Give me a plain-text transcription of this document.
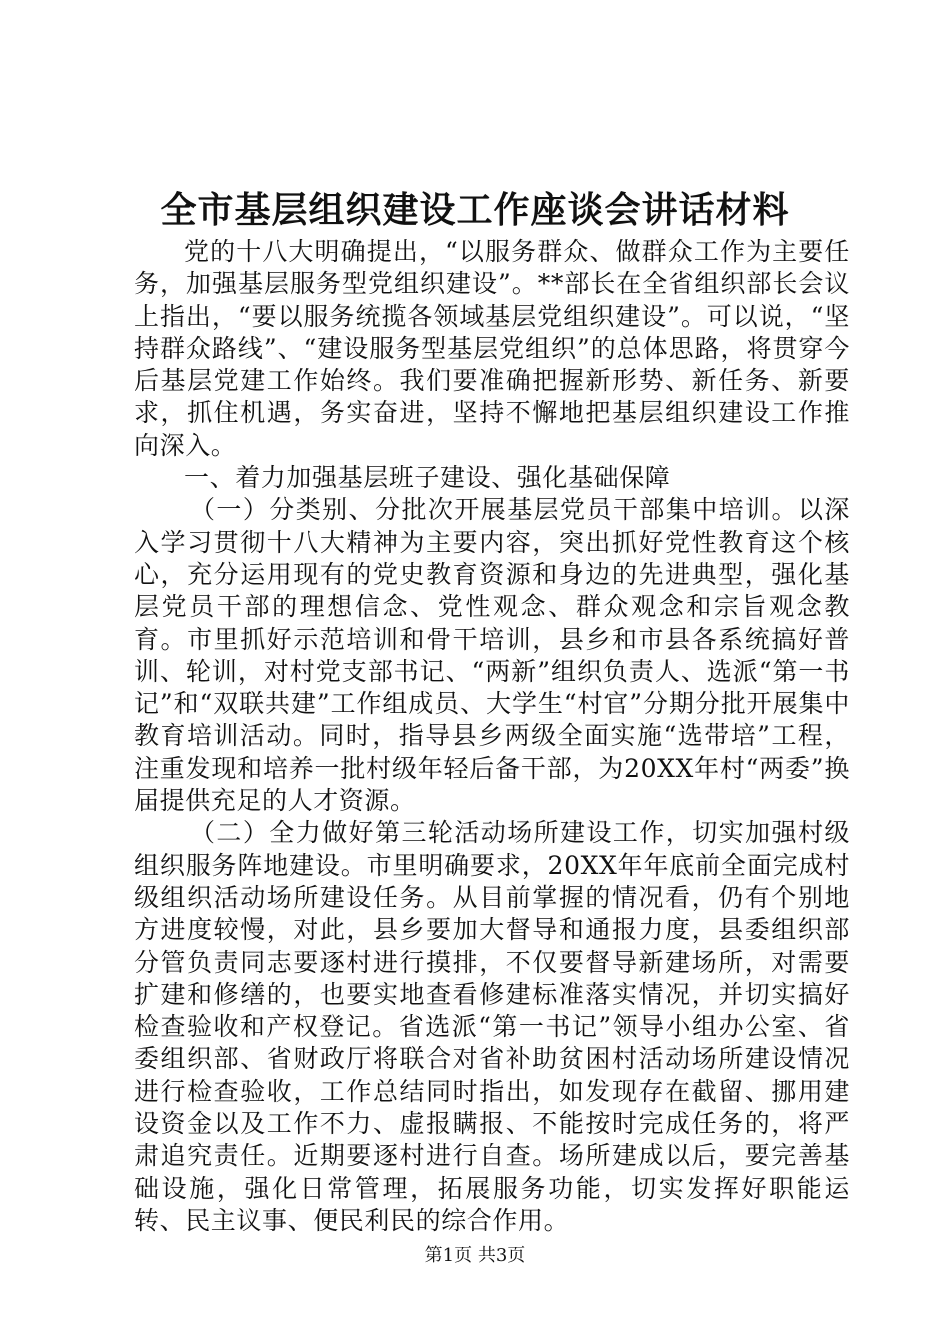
全市基层组织建设工作座谈会讲话材料

党的十八大明确提出，“以服务群众、做群众工作为主要任务，加强基层服务型党组织建设”。**部长在全省组织部长会议上指出，“要以服务统揽各领域基层党组织建设”。可以说，“坚持群众路线”、“建设服务型基层党组织”的总体思路，将贯穿今后基层党建工作始终。我们要准确把握新形势、新任务、新要求，抓住机遇，务实奋进，坚持不懈地把基层组织建设工作推向深入。

一、着力加强基层班子建设、强化基础保障

（一）分类别、分批次开展基层党员干部集中培训。以深入学习贯彻十八大精神为主要内容，突出抓好党性教育这个核心，充分运用现有的党史教育资源和身边的先进典型，强化基层党员干部的理想信念、党性观念、群众观念和宗旨观念教育。市里抓好示范培训和骨干培训，县乡和市县各系统搞好普训、轮训，对村党支部书记、“两新”组织负责人、选派“第一书记”和“双联共建”工作组成员、大学生“村官”分期分批开展集中教育培训活动。同时，指导县乡两级全面实施“选带培”工程，注重发现和培养一批村级年轻后备干部，为20XX年村“两委”换届提供充足的人才资源。

（二）全力做好第三轮活动场所建设工作，切实加强村级组织服务阵地建设。市里明确要求，20XX年年底前全面完成村级组织活动场所建设任务。从目前掌握的情况看，仍有个别地方进度较慢，对此，县乡要加大督导和通报力度，县委组织部分管负责同志要逐村进行摸排，不仅要督导新建场所，对需要扩建和修缮的，也要实地查看修建标准落实情况，并切实搞好检查验收和产权登记。省选派“第一书记”领导小组办公室、省委组织部、省财政厅将联合对省补助贫困村活动场所建设情况进行检查验收，工作总结同时指出，如发现存在截留、挪用建设资金以及工作不力、虚报瞒报、不能按时完成任务的，将严肃追究责任。近期要逐村进行自查。场所建成以后，要完善基础设施，强化日常管理，拓展服务功能，切实发挥好职能运转、民主议事、便民利民的综合作用。

第1页 共3页
